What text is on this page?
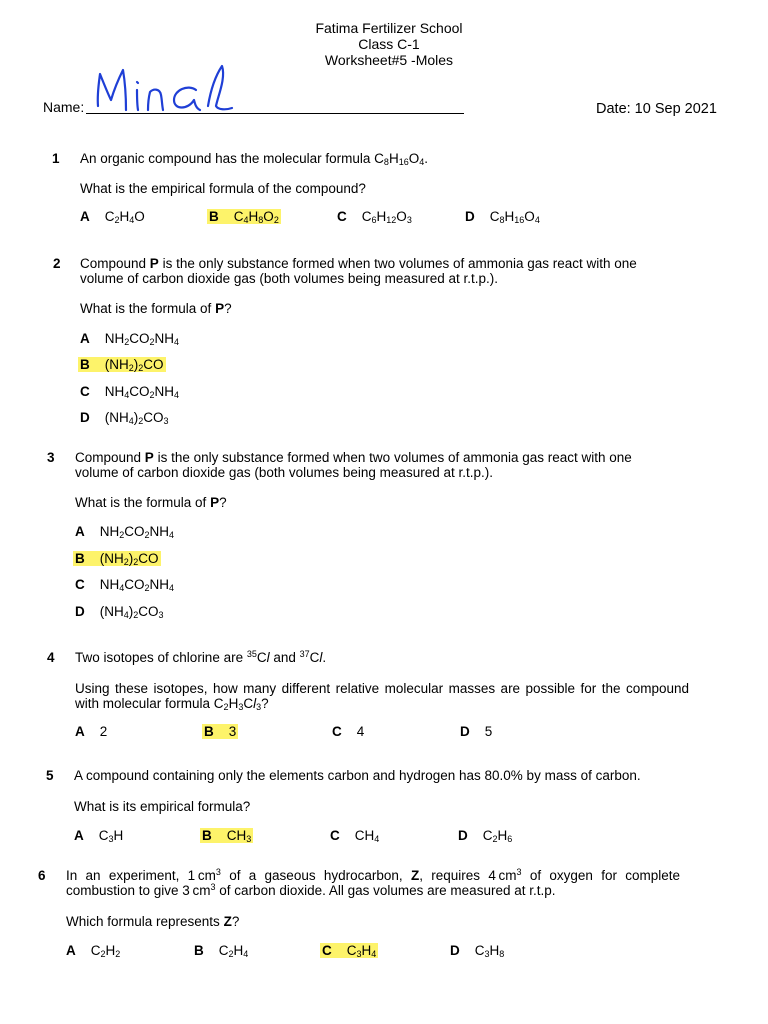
Fatima Fertilizer School
Class C-1
Worksheet#5 -Moles
Name:	Date: 10 Sep 2021
1 An organic compound has the molecular formula $C_8H_{16}O_4$.
What is the empirical formula of the compound?
A    $C_2H_4O$	B    $C_4H_8O_2$	C    $C_6H_{12}O_3$	D    $C_8H_{16}O_4$
2 Compound P is the only substance formed when two volumes of ammonia gas react with one volume of carbon dioxide gas (both volumes being measured at r.t.p.).
What is the formula of P?
A    $NH_2CO_2NH_4$
B    $(NH_2)_2CO$
C    $NH_4CO_2NH_4$
D    $(NH_4)_2CO_3$
3 Compound P is the only substance formed when two volumes of ammonia gas react with one volume of carbon dioxide gas (both volumes being measured at r.t.p.).
What is the formula of P?
A    $NH_2CO_2NH_4$
B    $(NH_2)_2CO$
C    $NH_4CO_2NH_4$
D    $(NH_4)_2CO_3$
4 Two isotopes of chlorine are $^{35}$Cl and $^{37}$Cl.
Using these isotopes, how many different relative molecular masses are possible for the compound with molecular formula $C_2H_3Cl_3$?
A 2	B 3	C 4	D 5
5 A compound containing only the elements carbon and hydrogen has 80.0% by mass of carbon.
What is its empirical formula?
A    $C_3H$	B    $CH_3$	C    $CH_4$	D    $C_2H_6$
6 In an experiment, 1 $cm^3$ of a gaseous hydrocarbon, Z, requires 4 $cm^3$ of oxygen for complete combustion to give 3 $cm^3$ of carbon dioxide. All gas volumes are measured at r.t.p.
Which formula represents Z?
A    $C_2H_2$	B    $C_2H_4$	C    $C_3H_4$	D    $C_3H_8$
